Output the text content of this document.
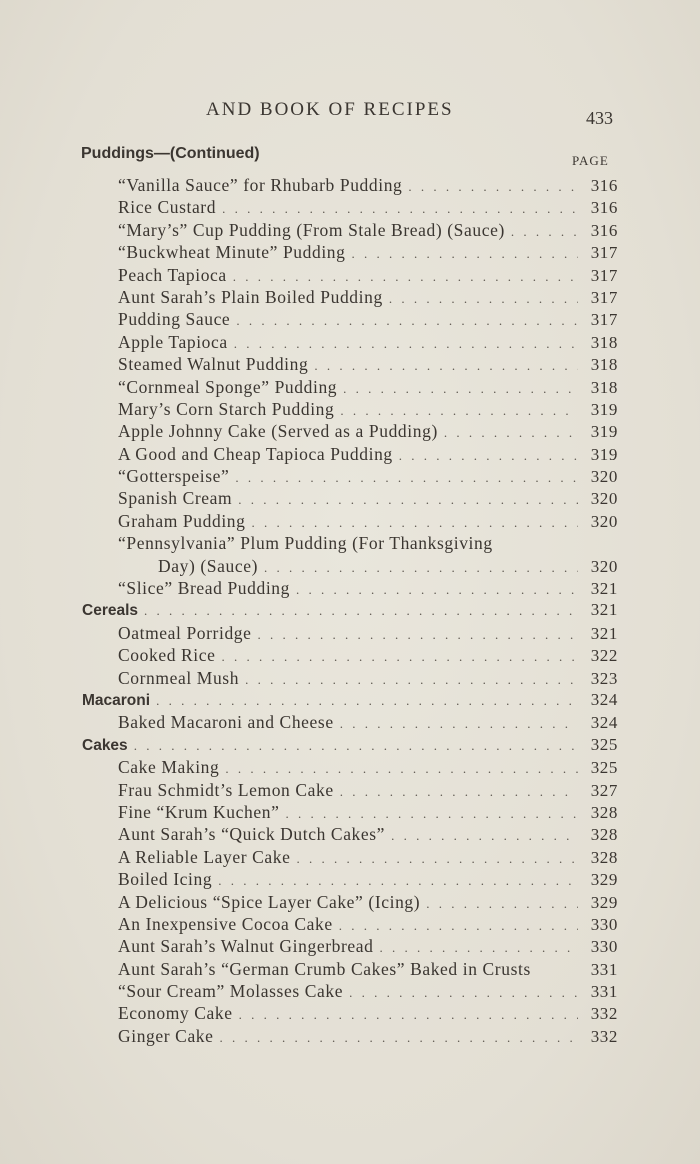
AND BOOK OF RECIPES	433
Puddings—(Continued)	PAGE
“Vanilla Sauce” for Rhubarb Pudding . . .	316
Rice Custard . . .	316
“Mary’s” Cup Pudding (From Stale Bread) (Sauce) . . .	316
“Buckwheat Minute” Pudding . . .	317
Peach Tapioca . . .	317
Aunt Sarah’s Plain Boiled Pudding . . .	317
Pudding Sauce . . .	317
Apple Tapioca . . .	318
Steamed Walnut Pudding . . .	318
“Cornmeal Sponge” Pudding . . .	318
Mary’s Corn Starch Pudding . . .	319
Apple Johnny Cake (Served as a Pudding) . . .	319
A Good and Cheap Tapioca Pudding . . .	319
“Gotterspeise” . . .	320
Spanish Cream . . .	320
Graham Pudding . . .	320
“Pennsylvania” Plum Pudding (For Thanksgiving
Day) (Sauce) . . .	320
“Slice” Bread Pudding . . .	321
Cereals . . .	321
Oatmeal Porridge . . .	321
Cooked Rice . . .	322
Cornmeal Mush . . .	323
Macaroni . . .	324
Baked Macaroni and Cheese . . .	324
Cakes . . .	325
Cake Making . . .	325
Frau Schmidt’s Lemon Cake . . .	327
Fine “Krum Kuchen” . . .	328
Aunt Sarah’s “Quick Dutch Cakes” . . .	328
A Reliable Layer Cake . . .	328
Boiled Icing . . .	329
A Delicious “Spice Layer Cake” (Icing) . . .	329
An Inexpensive Cocoa Cake . . .	330
Aunt Sarah’s Walnut Gingerbread . . .	330
Aunt Sarah’s “German Crumb Cakes” Baked in Crusts	331
“Sour Cream” Molasses Cake . . .	331
Economy Cake . . .	332
Ginger Cake . . .	332
